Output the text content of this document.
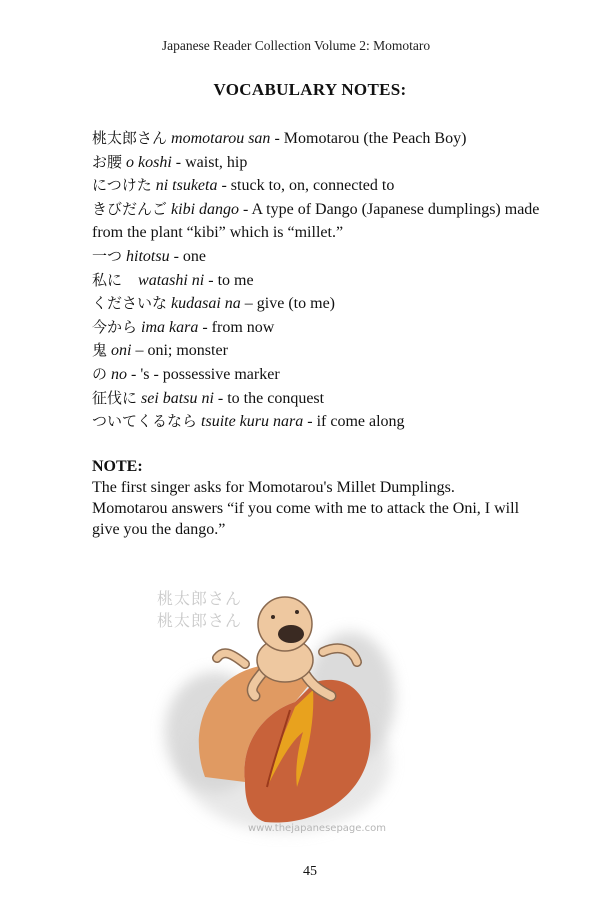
Japanese Reader Collection Volume 2: Momotaro
VOCABULARY NOTES:
桃太郎さん momotarou san - Momotarou (the Peach Boy)
お腰 o koshi - waist, hip
につけた ni tsuketa - stuck to, on, connected to
きびだんご kibi dango - A type of Dango (Japanese dumplings) made from the plant “kibi” which is “millet.”
一つ hitotsu - one
私に watashi ni - to me
くださいな kudasai na – give (to me)
今から ima kara - from now
鬼 oni – oni; monster
の no - 's - possessive marker
征伐に sei batsu ni - to the conquest
ついてくるなら tsuite kuru nara - if come along
NOTE:
The first singer asks for Momotarou's Millet Dumplings. Momotarou answers “if you come with me to attack the Oni, I will give you the dango.”
桃太郎さん
桃太郎さん
www.thejapanesepage.com
45
